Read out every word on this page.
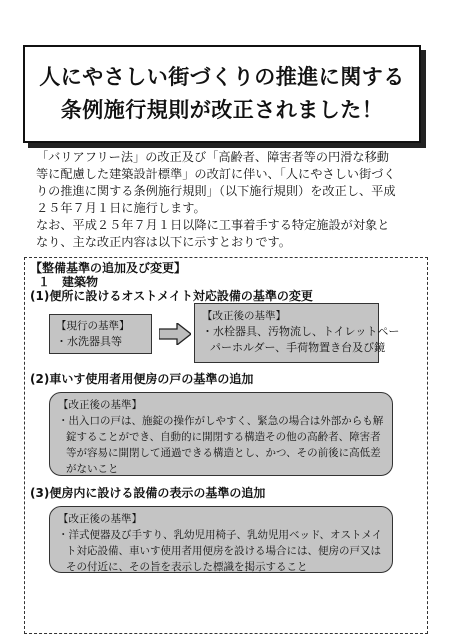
人にやさしい街づくりの推進に関する
条例施行規則が改正されました！

「バリアフリー法」の改正及び「高齢者、障害者等の円滑な移動
等に配慮した建築設計標準」の改訂に伴い、「人にやさしい街づく
りの推進に関する条例施行規則」（以下施行規則）を改正し、平成
２５年７月１日に施行します。

なお、平成２５年７月１日以降に工事着手する特定施設が対象と
なり、主な改正内容は以下に示すとおりです。

【整備基準の追加及び変更】
１　建築物
(1)便所に設けるオストメイト対応設備の基準の変更
【現行の基準】
・水洗器具等
【改正後の基準】
・水栓器具、汚物流し、トイレットペー
パーホルダー、手荷物置き台及び鏡
(2)車いす使用者用便房の戸の基準の追加
【改正後の基準】
・出入口の戸は、施錠の操作がしやすく、緊急の場合は外部からも解
錠することができ、自動的に開閉する構造その他の高齢者、障害者
等が容易に開閉して通過できる構造とし、かつ、その前後に高低差
がないこと
(3)便房内に設ける設備の表示の基準の追加
【改正後の基準】
・洋式便器及び手すり、乳幼児用椅子、乳幼児用ベッド、オストメイ
ト対応設備、車いす使用者用便房を設ける場合には、便房の戸又は
その付近に、その旨を表示した標識を掲示すること
